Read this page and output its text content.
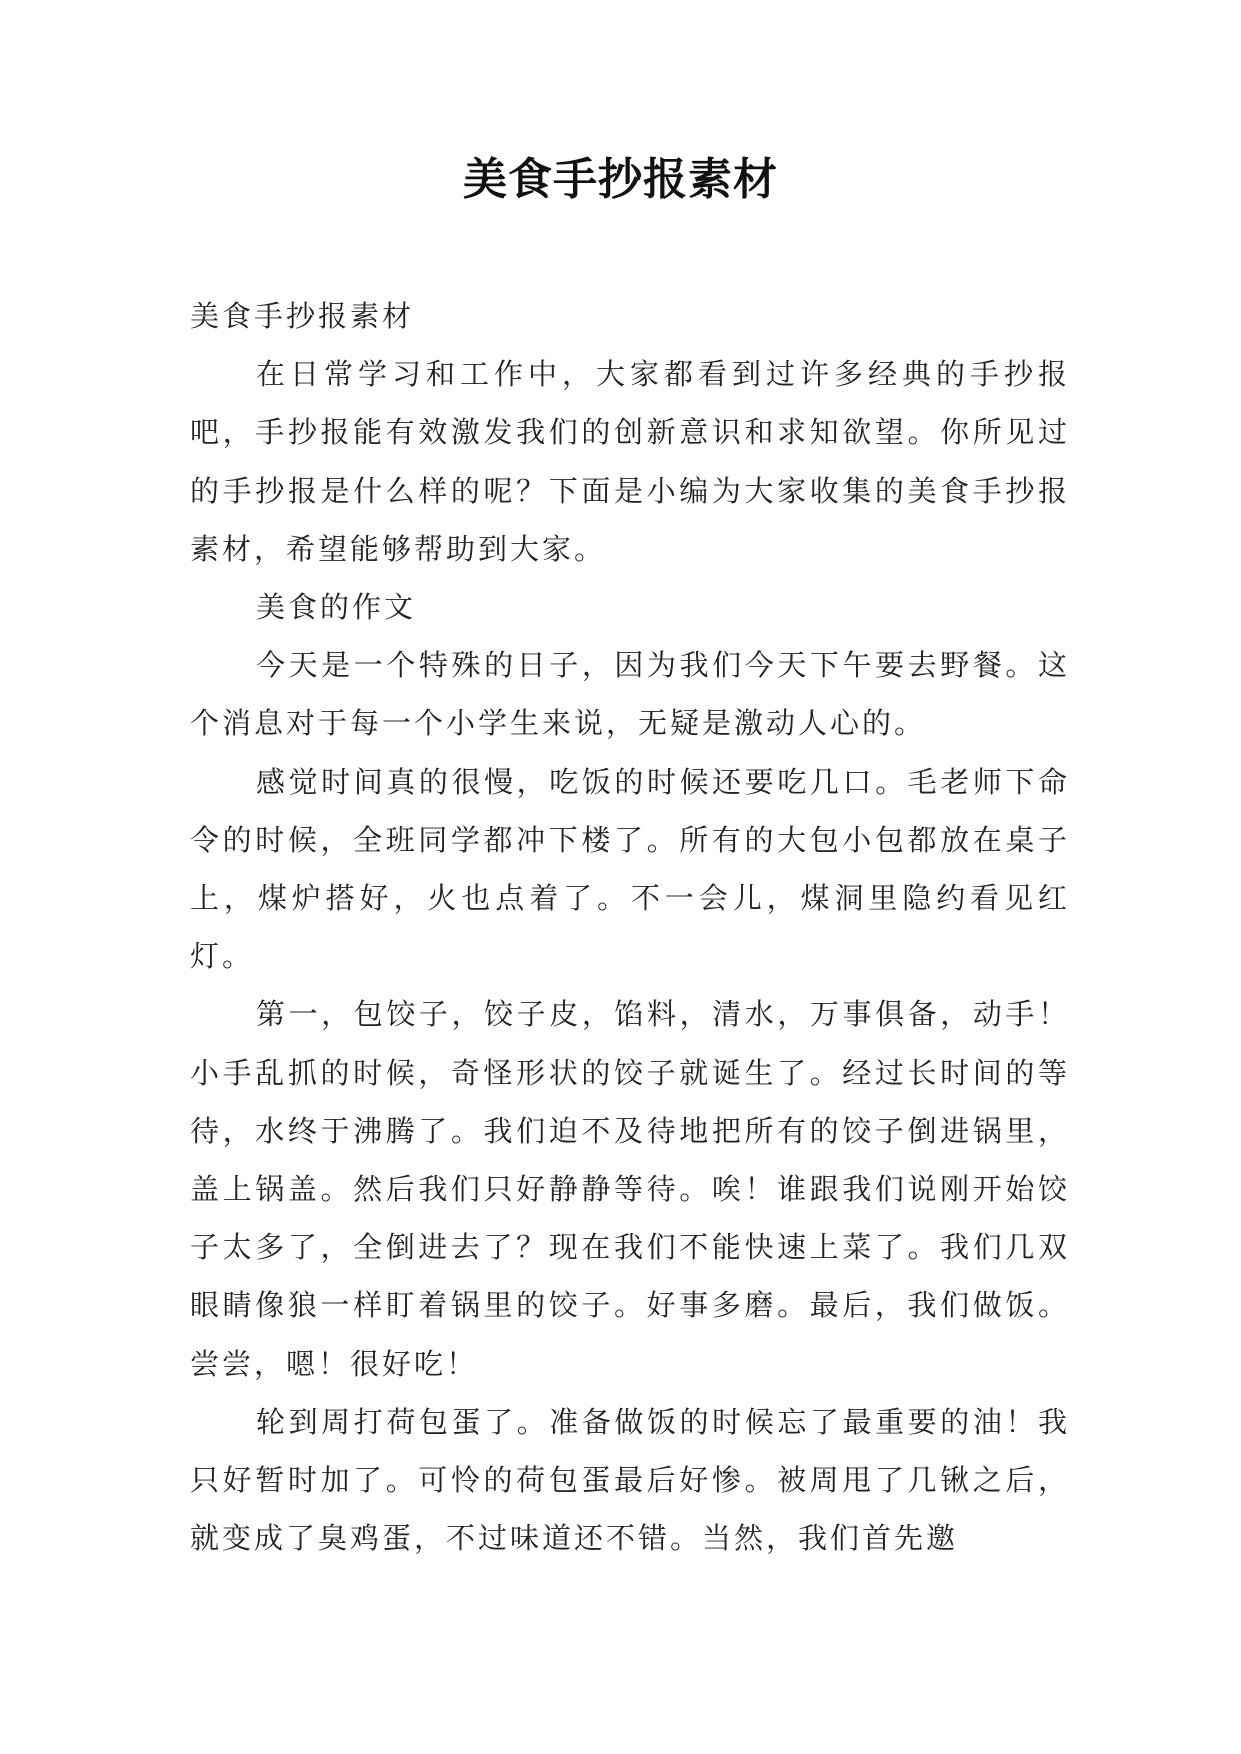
美食手抄报素材

美食手抄报素材

在日常学习和工作中，大家都看到过许多经典的手抄报吧，手抄报能有效激发我们的创新意识和求知欲望。你所见过的手抄报是什么样的呢？下面是小编为大家收集的美食手抄报素材，希望能够帮助到大家。

美食的作文

今天是一个特殊的日子，因为我们今天下午要去野餐。这个消息对于每一个小学生来说，无疑是激动人心的。

感觉时间真的很慢，吃饭的时候还要吃几口。毛老师下命令的时候，全班同学都冲下楼了。所有的大包小包都放在桌子上，煤炉搭好，火也点着了。不一会儿，煤洞里隐约看见红灯。

第一，包饺子，饺子皮，馅料，清水，万事俱备，动手！小手乱抓的时候，奇怪形状的饺子就诞生了。经过长时间的等待，水终于沸腾了。我们迫不及待地把所有的饺子倒进锅里，盖上锅盖。然后我们只好静静等待。唉！谁跟我们说刚开始饺子太多了，全倒进去了？现在我们不能快速上菜了。我们几双眼睛像狼一样盯着锅里的饺子。好事多磨。最后，我们做饭。尝尝，嗯！很好吃！

轮到周打荷包蛋了。准备做饭的时候忘了最重要的油！我只好暂时加了。可怜的荷包蛋最后好惨。被周甩了几锹之后，就变成了臭鸡蛋，不过味道还不错。当然，我们首先邀
